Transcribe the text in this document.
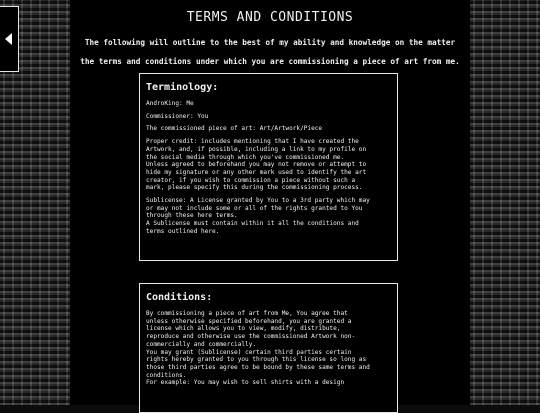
TERMS AND CONDITIONS
The following will outline to the best of my ability and knowledge on the matter
the terms and conditions under which you are commissioning a piece of art from me.
Terminology:

AndroKing: Me

Commissioner: You

The commissioned piece of art: Art/Artwork/Piece

Proper credit: includes mentioning that I have created the
Artwork, and, if possible, including a link to my profile on
the social media through which you've commissioned me.
Unless agreed to beforehand you may not remove or attempt to
hide my signature or any other mark used to identify the art
creator, if you wish to commission a piece without such a
mark, please specify this during the commissioning process.

Sublicense: A License granted by You to a 3rd party which may
or may not include some or all of the rights granted to You
through these here terms.
A Sublicense must contain within it all the conditions and
terms outlined here.

Conditions:

By commissioning a piece of art from Me, You agree that
unless otherwise specified beforehand, you are granted a
license which allows you to view, modify, distribute,
reproduce and otherwise use the commissioned Artwork non-
commercially and commercially.
You may grant (Sublicense) certain third parties certain
rights hereby granted to you through this license so long as
those third parties agree to be bound by these same terms and
conditions.
For example: You may wish to sell shirts with a design
